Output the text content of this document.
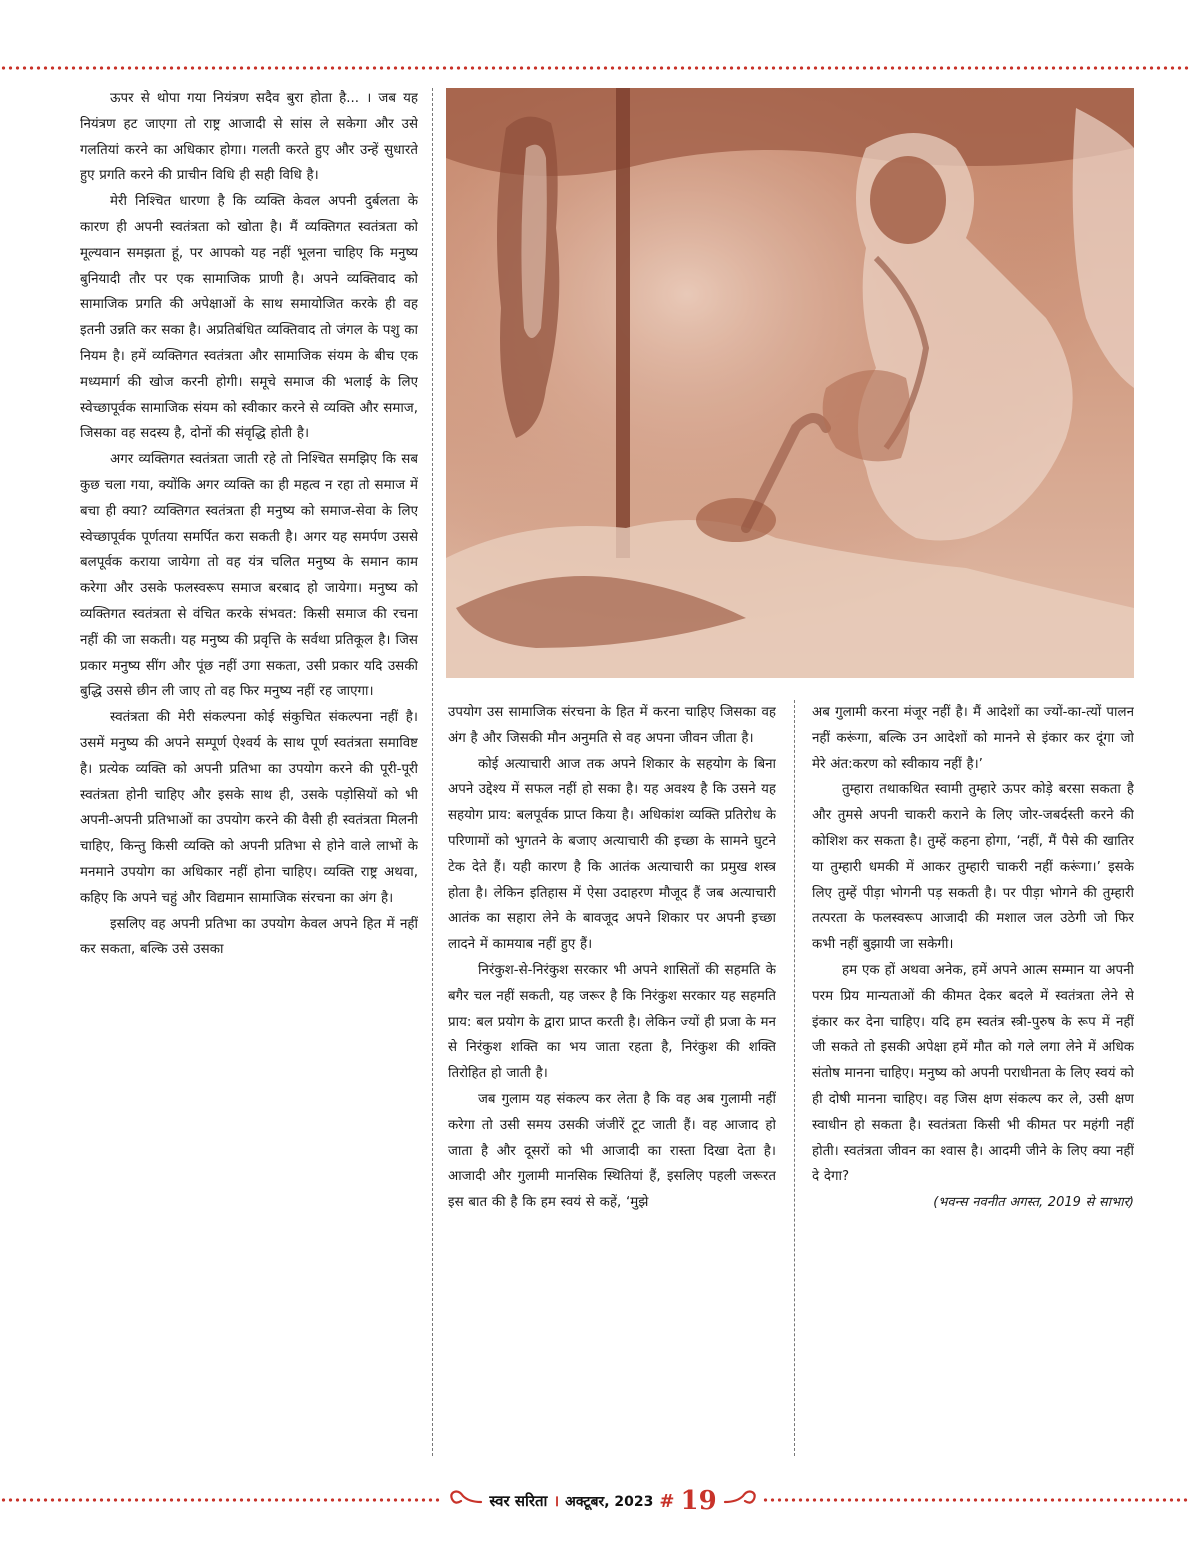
ऊपर से थोपा गया नियंत्रण सदैव बुरा होता है... । जब यह नियंत्रण हट जाएगा तो राष्ट्र आजादी से सांस ले सकेगा और उसे गलतियां करने का अधिकार होगा। गलती करते हुए और उन्हें सुधारते हुए प्रगति करने की प्राचीन विधि ही सही विधि है।

मेरी निश्चित धारणा है कि व्यक्ति केवल अपनी दुर्बलता के कारण ही अपनी स्वतंत्रता को खोता है। मैं व्यक्तिगत स्वतंत्रता को मूल्यवान समझता हूं, पर आपको यह नहीं भूलना चाहिए कि मनुष्य बुनियादी तौर पर एक सामाजिक प्राणी है। अपने व्यक्तिवाद को सामाजिक प्रगति की अपेक्षाओं के साथ समायोजित करके ही वह इतनी उन्नति कर सका है। अप्रतिबंधित व्यक्तिवाद तो जंगल के पशु का नियम है। हमें व्यक्तिगत स्वतंत्रता और सामाजिक संयम के बीच एक मध्यमार्ग की खोज करनी होगी। समूचे समाज की भलाई के लिए स्वेच्छापूर्वक सामाजिक संयम को स्वीकार करने से व्यक्ति और समाज, जिसका वह सदस्य है, दोनों की संवृद्धि होती है।

अगर व्यक्तिगत स्वतंत्रता जाती रहे तो निश्चित समझिए कि सब कुछ चला गया, क्योंकि अगर व्यक्ति का ही महत्व न रहा तो समाज में बचा ही क्या? व्यक्तिगत स्वतंत्रता ही मनुष्य को समाज-सेवा के लिए स्वेच्छापूर्वक पूर्णतया समर्पित करा सकती है। अगर यह समर्पण उससे बलपूर्वक कराया जायेगा तो वह यंत्र चलित मनुष्य के समान काम करेगा और उसके फलस्वरूप समाज बरबाद हो जायेगा। मनुष्य को व्यक्तिगत स्वतंत्रता से वंचित करके संभवत: किसी समाज की रचना नहीं की जा सकती। यह मनुष्य की प्रवृत्ति के सर्वथा प्रतिकूल है। जिस प्रकार मनुष्य सींग और पूंछ नहीं उगा सकता, उसी प्रकार यदि उसकी बुद्धि उससे छीन ली जाए तो वह फिर मनुष्य नहीं रह जाएगा।

स्वतंत्रता की मेरी संकल्पना कोई संकुचित संकल्पना नहीं है। उसमें मनुष्य की अपने सम्पूर्ण ऐश्वर्य के साथ पूर्ण स्वतंत्रता समाविष्ट है। प्रत्येक व्यक्ति को अपनी प्रतिभा का उपयोग करने की पूरी-पूरी स्वतंत्रता होनी चाहिए और इसके साथ ही, उसके पड़ोसियों को भी अपनी-अपनी प्रतिभाओं का उपयोग करने की वैसी ही स्वतंत्रता मिलनी चाहिए, किन्तु किसी व्यक्ति को अपनी प्रतिभा से होने वाले लाभों के मनमाने उपयोग का अधिकार नहीं होना चाहिए। व्यक्ति राष्ट्र अथवा, कहिए कि अपने चहुं और विद्यमान सामाजिक संरचना का अंग है।

इसलिए वह अपनी प्रतिभा का उपयोग केवल अपने हित में नहीं कर सकता, बल्कि उसे उसका

उपयोग उस सामाजिक संरचना के हित में करना चाहिए जिसका वह अंग है और जिसकी मौन अनुमति से वह अपना जीवन जीता है।

कोई अत्याचारी आज तक अपने शिकार के सहयोग के बिना अपने उद्देश्य में सफल नहीं हो सका है। यह अवश्य है कि उसने यह सहयोग प्राय: बलपूर्वक प्राप्त किया है। अधिकांश व्यक्ति प्रतिरोध के परिणामों को भुगतने के बजाए अत्याचारी की इच्छा के सामने घुटने टेक देते हैं। यही कारण है कि आतंक अत्याचारी का प्रमुख शस्त्र होता है। लेकिन इतिहास में ऐसा उदाहरण मौजूद हैं जब अत्याचारी आतंक का सहारा लेने के बावजूद अपने शिकार पर अपनी इच्छा लादने में कामयाब नहीं हुए हैं।

निरंकुश-से-निरंकुश सरकार भी अपने शासितों की सहमति के बगैर चल नहीं सकती, यह जरूर है कि निरंकुश सरकार यह सहमति प्राय: बल प्रयोग के द्वारा प्राप्त करती है। लेकिन ज्यों ही प्रजा के मन से निरंकुश शक्ति का भय जाता रहता है, निरंकुश की शक्ति तिरोहित हो जाती है।

जब गुलाम यह संकल्प कर लेता है कि वह अब गुलामी नहीं करेगा तो उसी समय उसकी जंजीरें टूट जाती हैं। वह आजाद हो जाता है और दूसरों को भी आजादी का रास्ता दिखा देता है। आजादी और गुलामी मानसिक स्थितियां हैं, इसलिए पहली जरूरत इस बात की है कि हम स्वयं से कहें, ‘मुझे

अब गुलामी करना मंजूर नहीं है। मैं आदेशों का ज्यों-का-त्यों पालन नहीं करूंगा, बल्कि उन आदेशों को मानने से इंकार कर दूंगा जो मेरे अंत:करण को स्वीकाय नहीं है।’

तुम्हारा तथाकथित स्वामी तुम्हारे ऊपर कोड़े बरसा सकता है और तुमसे अपनी चाकरी कराने के लिए जोर-जबर्दस्ती करने की कोशिश कर सकता है। तुम्हें कहना होगा, ‘नहीं, मैं पैसे की खातिर या तुम्हारी धमकी में आकर तुम्हारी चाकरी नहीं करूंगा।’ इसके लिए तुम्हें पीड़ा भोगनी पड़ सकती है। पर पीड़ा भोगने की तुम्हारी तत्परता के फलस्वरूप आजादी की मशाल जल उठेगी जो फिर कभी नहीं बुझायी जा सकेगी।

हम एक हों अथवा अनेक, हमें अपने आत्म सम्मान या अपनी परम प्रिय मान्यताओं की कीमत देकर बदले में स्वतंत्रता लेने से इंकार कर देना चाहिए। यदि हम स्वतंत्र स्त्री-पुरुष के रूप में नहीं जी सकते तो इसकी अपेक्षा हमें मौत को गले लगा लेने में अधिक संतोष मानना चाहिए। मनुष्य को अपनी पराधीनता के लिए स्वयं को ही दोषी मानना चाहिए। वह जिस क्षण संकल्प कर ले, उसी क्षण स्वाधीन हो सकता है। स्वतंत्रता किसी भी कीमत पर महंगी नहीं होती। स्वतंत्रता जीवन का श्वास है। आदमी जीने के लिए क्या नहीं दे देगा?

(भवन्स नवनीत अगस्त, 2019 से साभार)

स्वर सरिता । अक्टूबर, 2023 # 19
